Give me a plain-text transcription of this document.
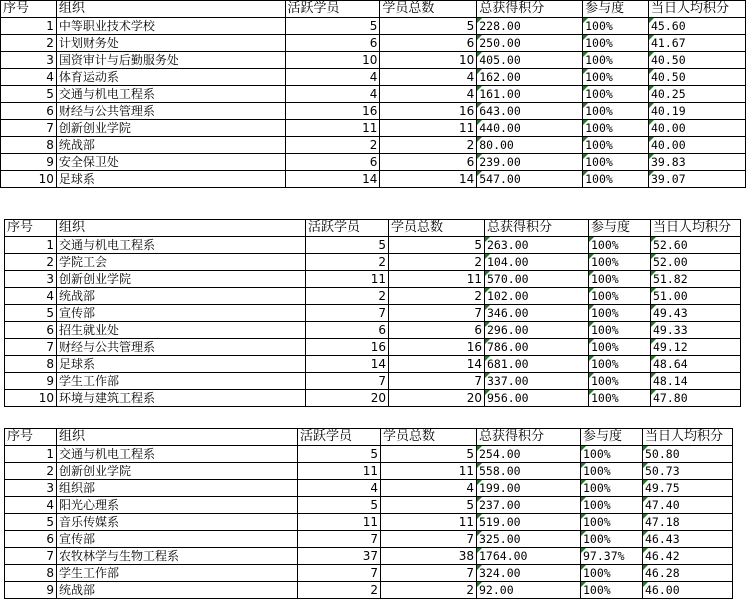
序号	组织	活跃学员	学员总数	总获得积分	参与度	当日人均积分
1	中等职业技术学校	5	5	228.00	100%	45.60
2	计划财务处	6	6	250.00	100%	41.67
3	国资审计与后勤服务处	10	10	405.00	100%	40.50
4	体育运动系	4	4	162.00	100%	40.50
5	交通与机电工程系	4	4	161.00	100%	40.25
6	财经与公共管理系	16	16	643.00	100%	40.19
7	创新创业学院	11	11	440.00	100%	40.00
8	统战部	2	2	80.00	100%	40.00
9	安全保卫处	6	6	239.00	100%	39.83
10	足球系	14	14	547.00	100%	39.07
序号	组织	活跃学员	学员总数	总获得积分	参与度	当日人均积分
1	交通与机电工程系	5	5	263.00	100%	52.60
2	学院工会	2	2	104.00	100%	52.00
3	创新创业学院	11	11	570.00	100%	51.82
4	统战部	2	2	102.00	100%	51.00
5	宣传部	7	7	346.00	100%	49.43
6	招生就业处	6	6	296.00	100%	49.33
7	财经与公共管理系	16	16	786.00	100%	49.12
8	足球系	14	14	681.00	100%	48.64
9	学生工作部	7	7	337.00	100%	48.14
10	环境与建筑工程系	20	20	956.00	100%	47.80
序号	组织	活跃学员	学员总数	总获得积分	参与度	当日人均积分
1	交通与机电工程系	5	5	254.00	100%	50.80
2	创新创业学院	11	11	558.00	100%	50.73
3	组织部	4	4	199.00	100%	49.75
4	阳光心理系	5	5	237.00	100%	47.40
5	音乐传媒系	11	11	519.00	100%	47.18
6	宣传部	7	7	325.00	100%	46.43
7	农牧林学与生物工程系	37	38	1764.00	97.37%	46.42
8	学生工作部	7	7	324.00	100%	46.28
9	统战部	2	2	92.00	100%	46.00
